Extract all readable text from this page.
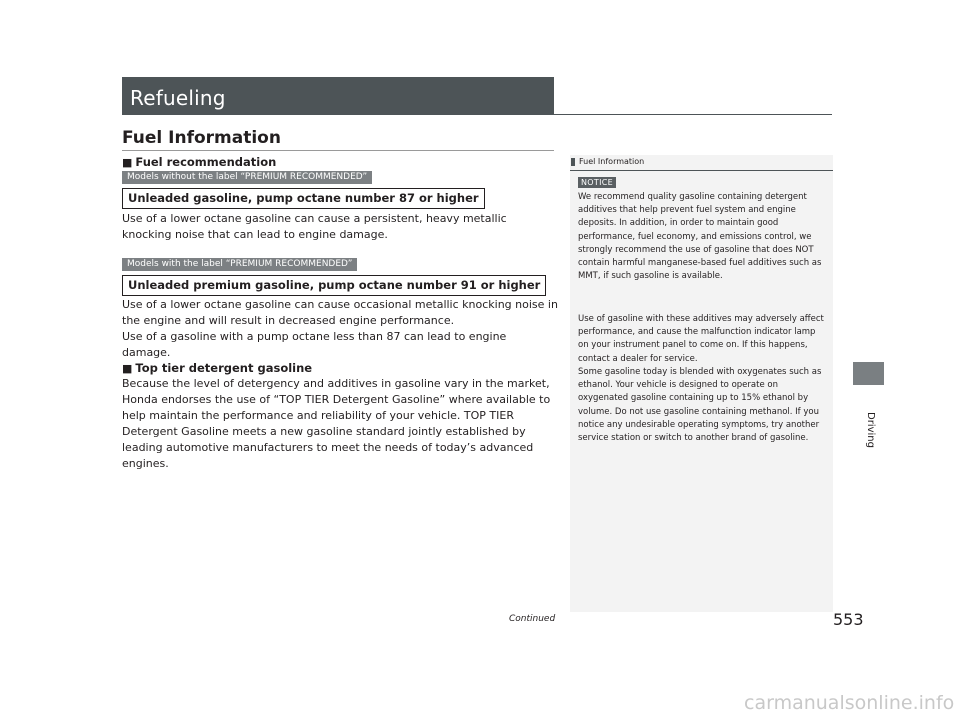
Refueling
Fuel Information
■ Fuel recommendation
Models without the label “PREMIUM RECOMMENDED”
Unleaded gasoline, pump octane number 87 or higher

Use of a lower octane gasoline can cause a persistent, heavy metallic knocking noise that can lead to engine damage.

Models with the label “PREMIUM RECOMMENDED”
Unleaded premium gasoline, pump octane number 91 or higher

Use of a lower octane gasoline can cause occasional metallic knocking noise in the engine and will result in decreased engine performance.

Use of a gasoline with a pump octane less than 87 can lead to engine damage.

■ Top tier detergent gasoline

Because the level of detergency and additives in gasoline vary in the market, Honda endorses the use of “TOP TIER Detergent Gasoline” where available to help maintain the performance and reliability of your vehicle. TOP TIER Detergent Gasoline meets a new gasoline standard jointly established by leading automotive manufacturers to meet the needs of today’s advanced engines.

Fuel Information
NOTICE

We recommend quality gasoline containing detergent additives that help prevent fuel system and engine deposits. In addition, in order to maintain good performance, fuel economy, and emissions control, we strongly recommend the use of gasoline that does NOT contain harmful manganese-based fuel additives such as MMT, if such gasoline is available.

Use of gasoline with these additives may adversely affect performance, and cause the malfunction indicator lamp on your instrument panel to come on. If this happens, contact a dealer for service.

Some gasoline today is blended with oxygenates such as ethanol. Your vehicle is designed to operate on oxygenated gasoline containing up to 15% ethanol by volume. Do not use gasoline containing methanol. If you notice any undesirable operating symptoms, try another service station or switch to another brand of gasoline.	Driving
Continued	553
carmanualsonline.info
